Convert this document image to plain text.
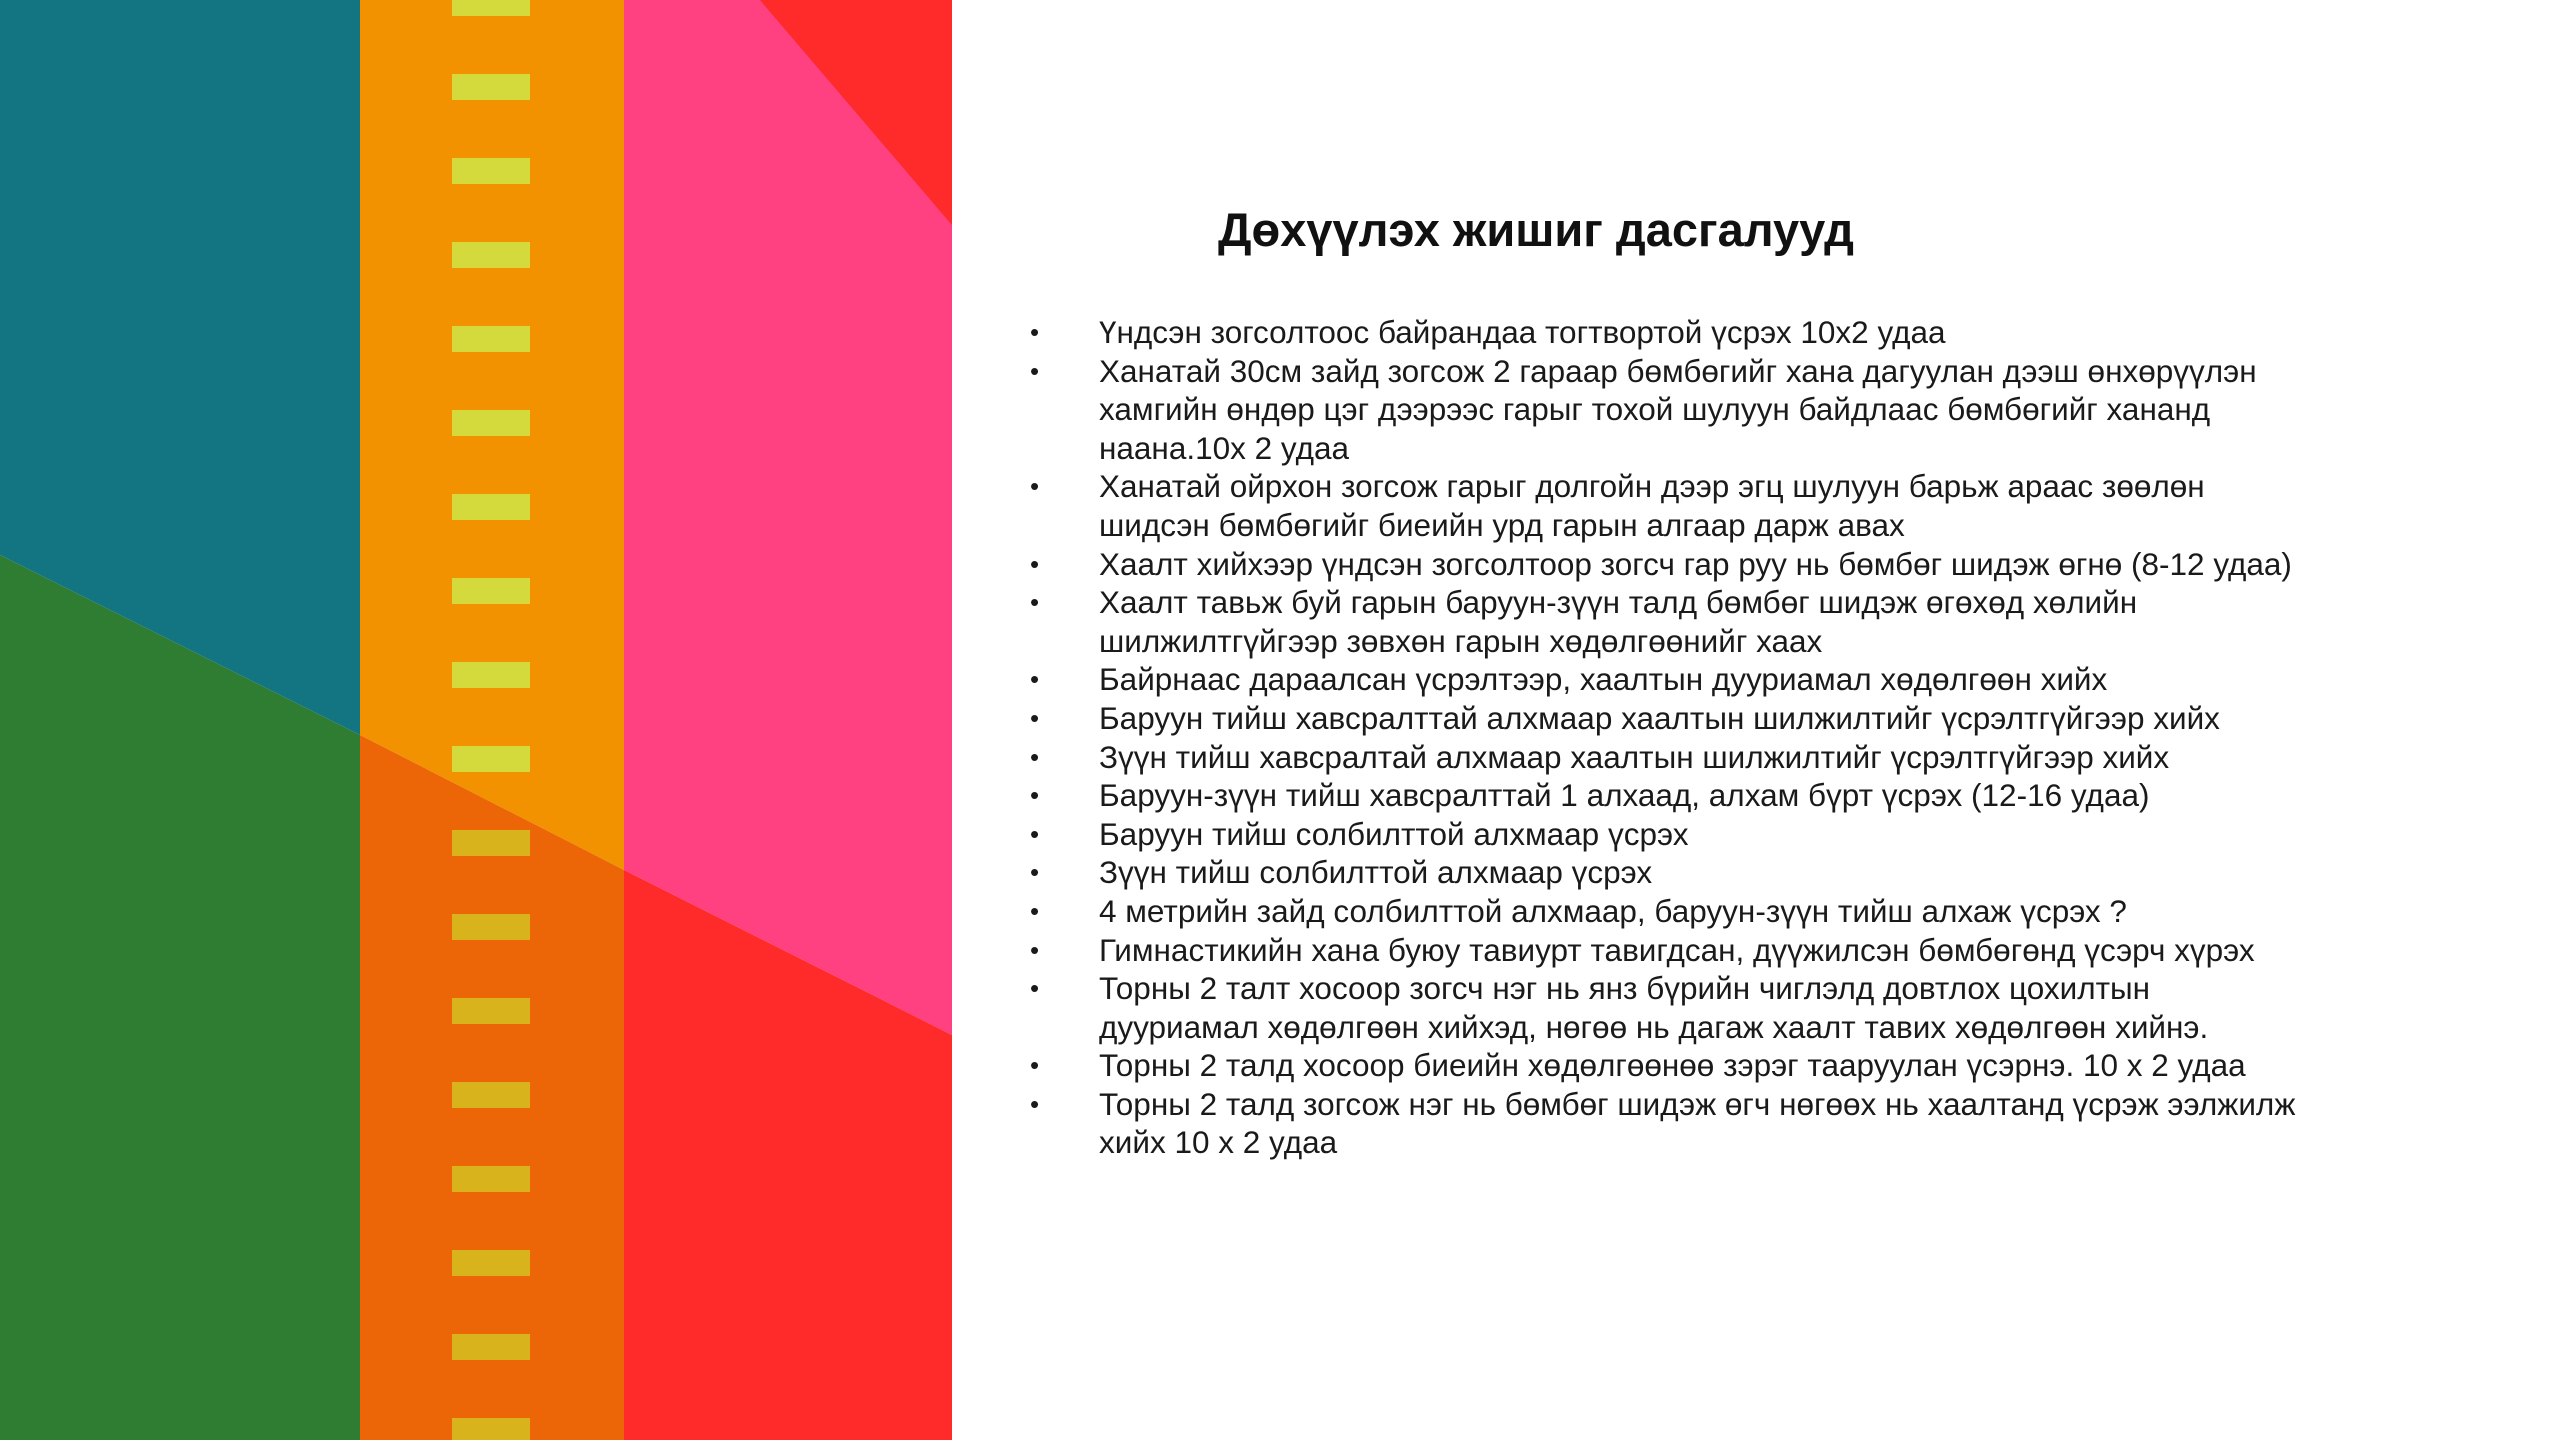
Дөхүүлэх жишиг дасгалууд
• Үндсэн зогсолтоос байрандаа тогтвортой үсрэх 10х2 удаа
• Ханатай 30см зайд зогсож 2 гараар бөмбөгийг хана дагуулан дээш өнхөрүүлэн хамгийн өндөр цэг дээрээс гарыг тохой шулуун байдлаас бөмбөгийг хананд наана.10х 2 удаа
• Ханатай ойрхон зогсож гарыг долгойн дээр эгц шулуун барьж араас зөөлөн шидсэн бөмбөгийг биеийн урд гарын алгаар дарж авах
• Хаалт хийхээр үндсэн зогсолтоор зогсч гар руу нь бөмбөг шидэж өгнө (8-12 удаа)
• Хаалт тавьж буй гарын баруун-зүүн талд бөмбөг шидэж өгөхөд хөлийн шилжилтгүйгээр зөвхөн гарын хөдөлгөөнийг хаах
• Байрнаас дараалсан үсрэлтээр, хаалтын дууриамал хөдөлгөөн хийх
• Баруун тийш хавсралттай алхмаар хаалтын шилжилтийг үсрэлтгүйгээр хийх
• Зүүн тийш хавсралтай алхмаар хаалтын шилжилтийг үсрэлтгүйгээр хийх
• Баруун-зүүн тийш хавсралттай 1 алхаад, алхам бүрт үсрэх (12-16 удаа)
• Баруун тийш солбилттой алхмаар үсрэх
• Зүүн тийш солбилттой алхмаар үсрэх
• 4 метрийн зайд солбилттой алхмаар, баруун-зүүн тийш алхаж үсрэх ?
• Гимнастикийн хана буюу тавиурт тавигдсан, дүүжилсэн бөмбөгөнд үсэрч хүрэх
• Торны 2 талт хосоор зогсч нэг нь янз бүрийн чиглэлд довтлох цохилтын дууриамал хөдөлгөөн хийхэд, нөгөө нь дагаж хаалт тавих хөдөлгөөн хийнэ.
• Торны 2 талд хосоор биеийн хөдөлгөөнөө зэрэг тааруулан үсэрнэ. 10 х 2 удаа
• Торны 2 талд зогсож нэг нь бөмбөг шидэж өгч нөгөөх нь хаалтанд үсрэж ээлжилж хийх 10 х 2 удаа
